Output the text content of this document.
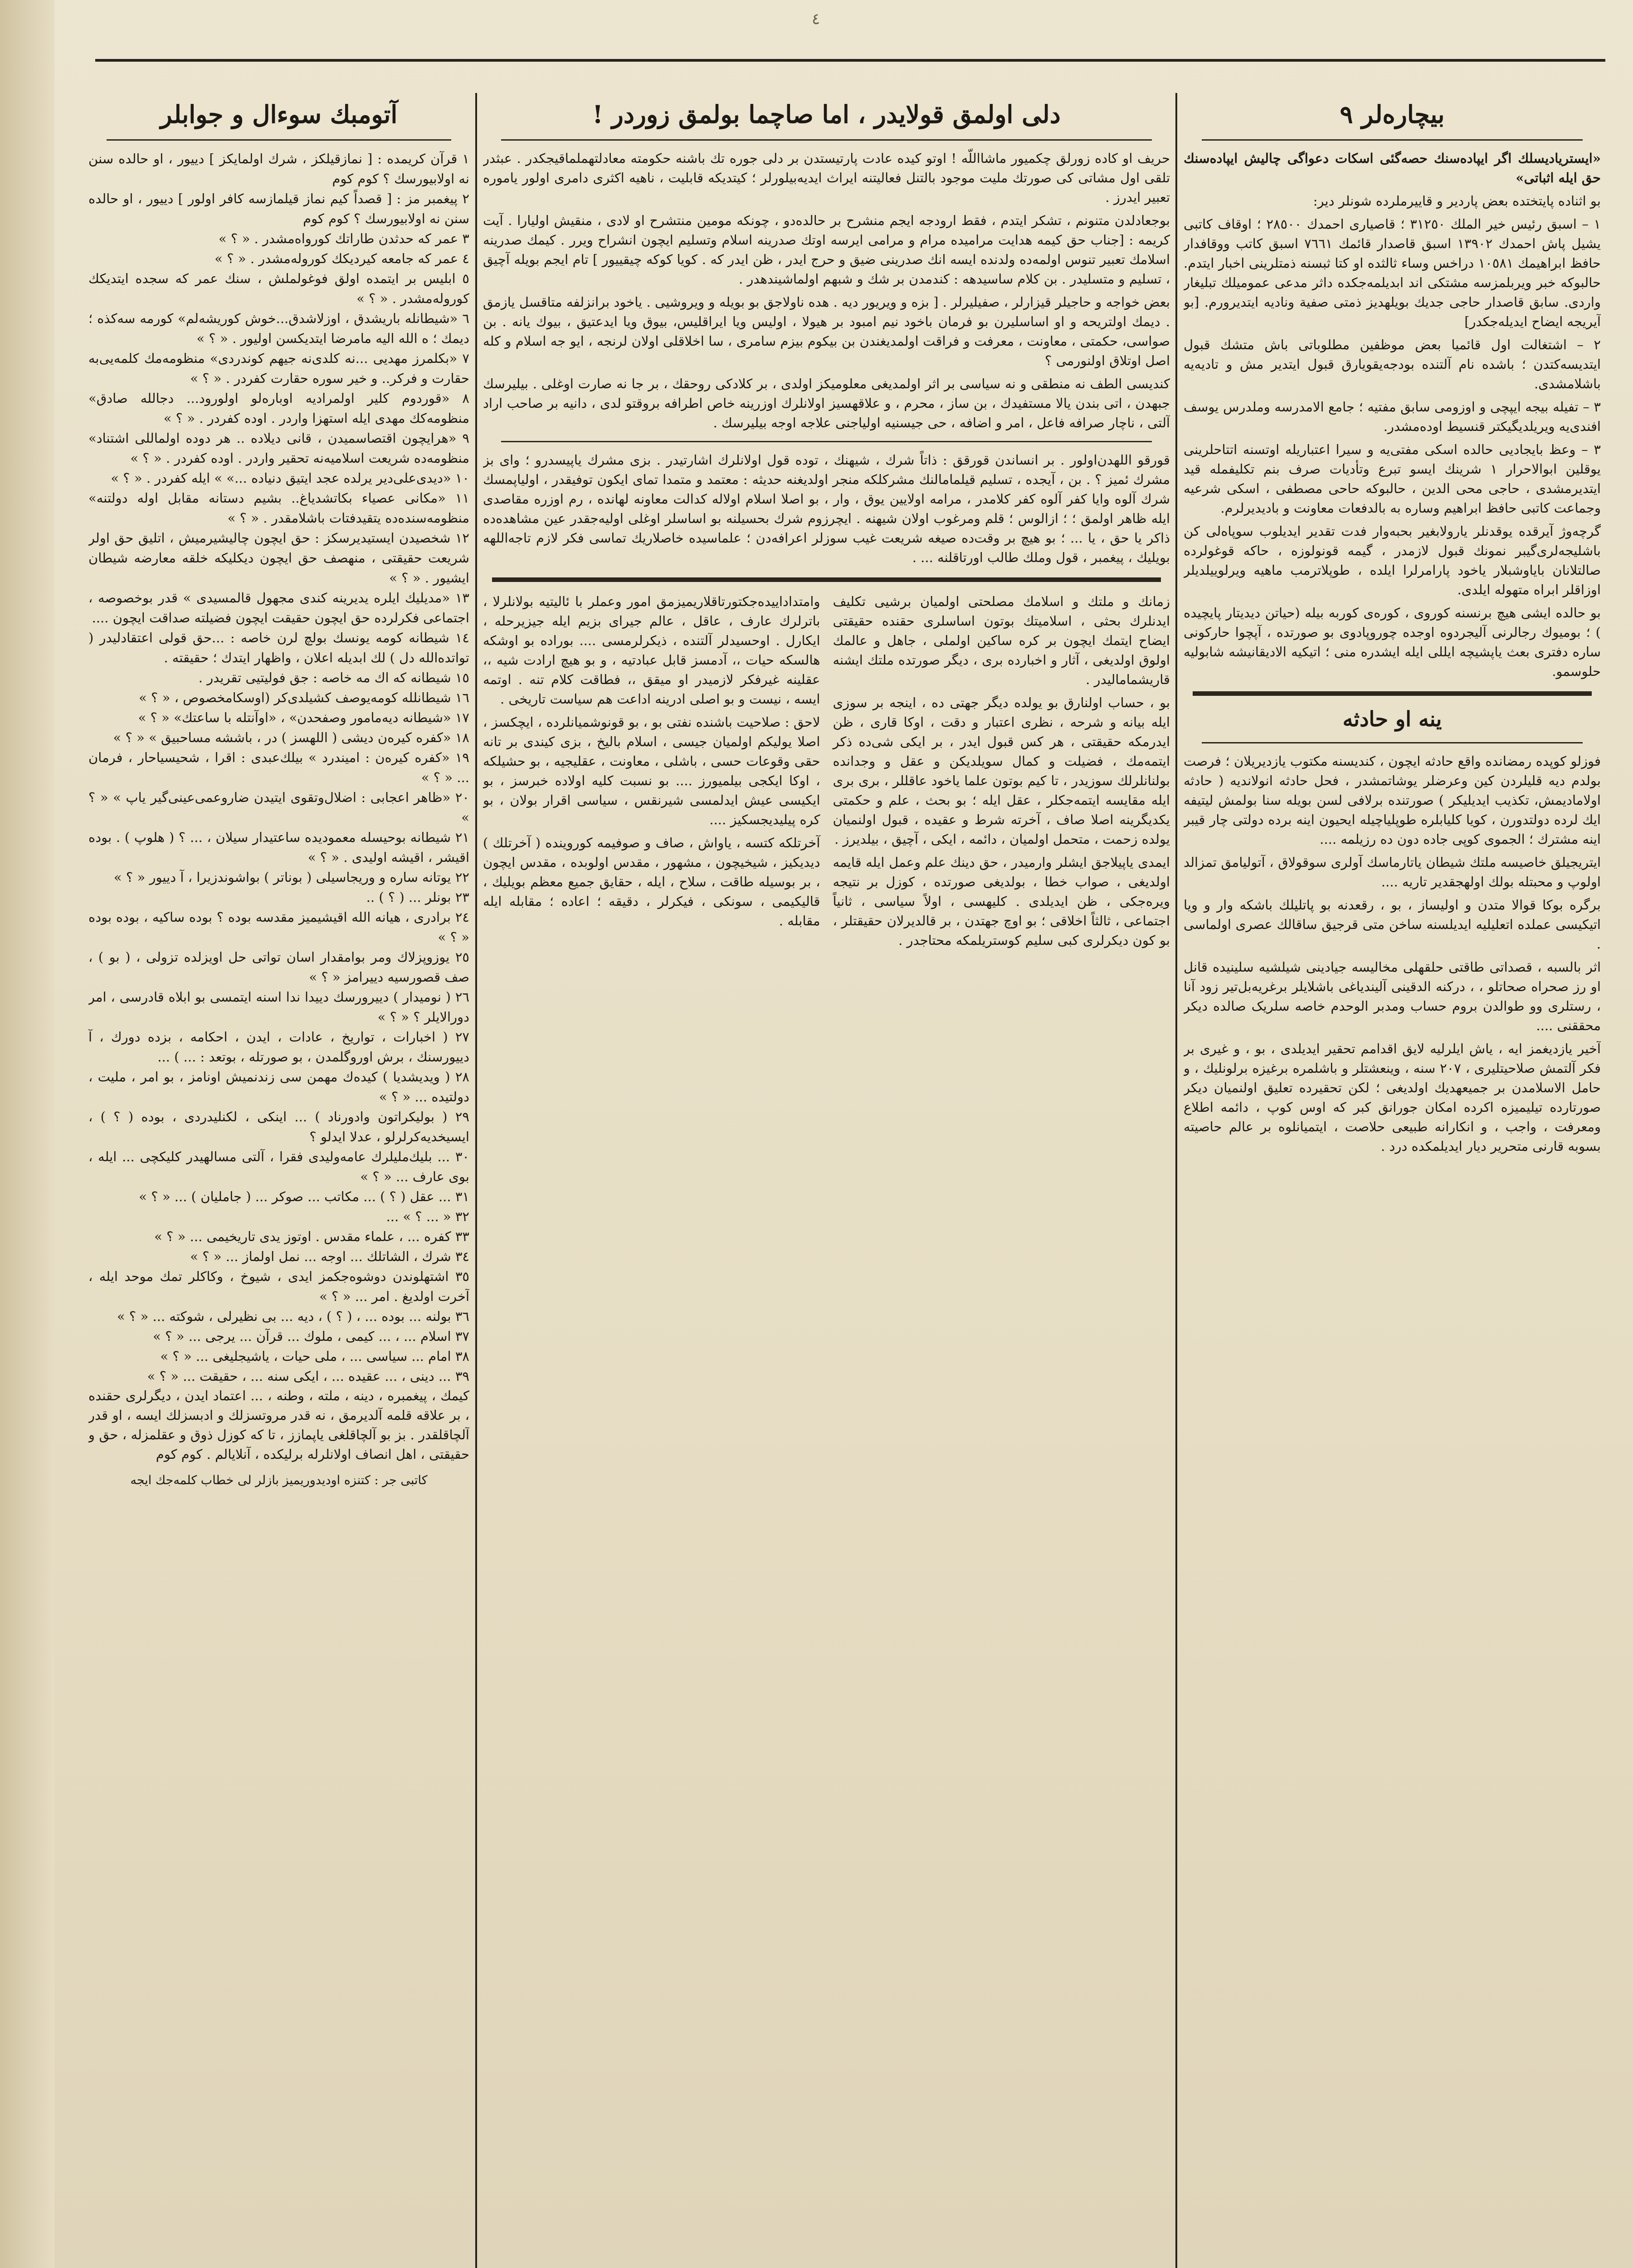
٤
بيچاره‌لر ٩

«ایستریادیسلك اگر ایپاده‌سنك حصه‌گئی اسكات دعواگی چالیش ایپاده‌سنك حق ایله اثباتی»

بو اثناده پایتختده بعض پاردیر و قاییرملرده شونلر دیر:

١ – اسبق رئیس خیر الملك ٣١٢٥٠ ؛ قاصیاری احمدك ٢٨٥٠٠ ؛ اوقاف كاتبی یشیل پاش احمدك ١٣٩٠٢ اسبق قاصدار قائمك ٧٦٦١ اسبق كاتب ووقافدار حافظ ابراهیمك ١٠٥٨١ دراخس وساء ثالثده او كتا ثبسنه ذمتلرینی اخبار ایتدم. حالبوكه خبر ویربلمزسه مشتكی اند ابدیلمه‌جكده داثر مدعی عموميلك تبليغار واردی. سابق قاصدار حاجی جدیك بویلهدیز ذمتی صفیة ونادیه ایتدیرورم. [بو آیریجه ایضاح ایدیله‌جكدر]

٢ – اشتغالت اول قائمیا بعض موظفین مطلوباتی باش متشك قبول ایتدیسه‌كتدن ؛ باشده نام آلتنده بودجه‌یقویارق قبول ایتدیر مش و تادیه‌یه باشلامشدی.

٣ – تفیله بیجه ایپچی و اوزومی سابق مفتیه ؛ جامع الامدرسه وملدرس یوسف افندی‌یه ویریلدیگیکتر قنسیط اوده‌مشدر.

٣ – وعظ بایجادیی حالده اسكی مفتی‌یه و سیرا اعتباریله اوتسنه اتتاحلرینی یوقلین ابوالاحرار ١ شرینك ایسو تبرع وتأدیات صرف بنم تكلیفمله قید ایتدیرمشدی ، حاجی محی الدین ، حالبوكه حاحی مصطفی ، اسكی شرعیه وجماعت كاتبی حافظ ابراهیم وساره به بالدفعات معاونت و بادیدیرلرم.

گرچه‌وژ آیرقده یوقدنلر یارولابغیر بحبه‌وار فدت تقدیر ایدیلوب سوپاه‌لی كن باشلیجه‌لری‌گیبر نمونك قبول لازمدر ، گیمه قونولوزه ، حاكه قوغولرده صالتلانان بایاوشبلار یاخود پارامرلرا ایلده ، طوپلاترمب ماهیه ویرلوییلدیلر اوزاقلر ابراه متهوله ایلدی.

بو حالده ایشی هیچ برنسنه كوروی ، كوره‌ی كوربه بیله (حیاتن دیدیتار پایچیده ) ؛ بومیوك رجالرنی آلیجردوه اوجده چوروپادوی بو صورتده ، آپچوا حاركونی ساره دفتری بعث یاپشیچه ایللی ایله ایشدره منی ؛ اتیكیه الادیقانیشه شابولیه حلوسمو.

ینه او حادثه

فوزلو كوپده رمضانده واقع حادثه ایچون ، كندیسنه مكتوب یازدیریلان ؛ فرصت بولدم دیه قلیلردن كین وعرضلر یوشاتمشدر ، فحل حادثه انولاندیه ( حادثه اولامادیمش، تكذیب ایدیلیكر ) صورتنده برلافی لسن بویله سنا بولمش لیتیفه ایك لرده دولتدورن ، كویا كلیابلره طوپلیاچیله ایحیون اینه برده دولتی چار قیبر اینه مشترك ؛ الجموی كوپی جاده دون ده رزیلمه ....

ایتریجیلق خاصیسه ملتك شیطان یاتارماسك آولری سوقولاق ، آتولیامق تمزالد اولوپ و محبتله بولك اولهجقدیر تاریه ....

برگره بوكا قوالا متدن و اولیساز ، بو ، رقعدنه بو پاتلیلك باشكه وار و ویا اتیكیسی عملده اتعلیلیه ایدیلسنه ساخن متی قرجیق ساقالك عصری اولماسی .

اثر بالسبه ، قصداتی طاقتی حلقهلی مخالیسه جیادینی شیلشیه سلینیده قانل او رز صحراه صحاتلو ، ، دركنه الدقینی آلیندیاغی باشلایلر برغریه‌بل‌تیر زود آنا ، رستلری وو طوالدن بروم حساب ومدبر الوحدم خاصه سلریک صالده دیكر محققنی ....

آخیر یازدیغمز ایه ، یاش ایلرلیه لایق اقدامم تحقیر ایدیلدی ، بو ، و غیری بر فكر آلتمش صلاحیتلیری ، ٢٠٧ سنه ، وینعشتلر و باشلمره برغیزه برلونلیك ، و حامل الاسلامدن بر جمیعهدیك اولدیغی ؛ لكن تحقیرده تعلیق اولنمیان دیكر صورتارده تیلیمیزه اكرده امكان جورانق كبر كه اوس كوپ ، دائمه اطلاع ومعرفت ، واجب ، و انكارانه طبیعی حلاصت ، ایتمیانلوه بر عالم حاصیته بسوبه قارنی متحریر دیار ایدیلمكده درد .

دلى اولمق قولايدر ، اما صاچما بولمق زوردر !

حریف او كاده زورلق چكمیور ماشااللّه ! اوتو كیده عادت پارتیستدن بر دلی جوره تك باشنه حكومته معادلتهملماقیجكدر . عبثدر تلقی اول مشاتی كی صورتك ملیت موجود بالتنل فعالیتنه ایراث ایدیه‌بیلورلر ؛ كیتدیكه قابلیت ، ناهیه اكثری دامری اولور یاموره تعبیر ایدرز .

بوجعادلدن متنونم ، تشكر ایتدم ، فقط ارودجه ایجم منشرح بر حالده‌دو ، چونكه مومین منتشرح او لادی ، منقیش اولیارا . آیت كریمه : [جناب حق كیمه هدایت مرامیده مرام و مرامی ایرسه اوتك صدرینه اسلام وتسليم ایچون انشراح ویرر . كیمك صدرینه اسلامك تعبیر تنوس اولمه‌ده ولدنده ایسه انك صدرینی ضیق و حرج ایدر ، ظن ایدر كه . كویا كوكه چیقییور ] تام ایجم بویله آچیق ، تسلیم و متسلیدر . بن كلام ساسیدهه : كندمدن بر شك و شبهم اولماشیندهدر .

بعض خواجه و حاجیلر قیزارلر ، صفیلیرلر . [ بزه و ویریور دیه . هده ناولاجق بو بویله و ویروشیی . یاخود برانزلفه متاقسل یازمق . دیمك اولتریحه و او اساسلیرن بو فرمان باخود نیم امبود بر هیولا ، اولیس ویا ایراقلیس، بیوق ویا ایدعتیق ، بیوك یانه . بن صواسی، حكمتی ، معاونت ، معرفت و فراقت اولمدیغندن بن بیكوم بیزم سامری ، سا اخلاقلی اولان لرنجه ، ایو جه اسلام و كله اصل اوتلاق اولنورمی ؟

كندیسی الطف نه منطقی و نه سیاسی بر اثر اولمدیغی معلومیكز اولدی ، بر كلادكی روحقك ، بر جا نه صارت اوغلی . بیلیرسك جبهدن ، اتی بندن یالا مستفیدك ، بن ساز ، محرم ، و علاقهسیز اولانلرك اوزرینه خاص اطرافه بروقتو لدی ، دانیه بر صاحب اراد آلتی ، ناچار صرافه فاعل ، امر و اضافه ، حی جیسنیه اولیاجنی علاجه اوجه بیلیرسك .

قورقو اللهدن‌اولور . بر انساندن قورقق : ذاتاً شرك ، شیهنك ، توده قول اولانلرك اشارتیدر . بزی مشرك یاپیسدرو ؛ وای بز مشرك ئمیز ؟ . بن ، آیجده ، تسلیم قیلمامالنك مشركلكه منجر اولدیغنه حديثه : معتمد و متمدا تمای ایكون توفیقدر ، اولیاپمسك شرك آلوه وایا كفر آلوه كفر كلامدر ، مرامه اولایین یوق ، وار ، بو اصلا اسلام اولاله كدالت معاونه لهانده ، رم اوزره مقاصدی ایله ظاهر اولمق ؛ ؛ ازالوس ؛ قلم ومرغوب اولان شیهنه . ایچرزوم شرك بحسیلنه بو اساسلر اوغلی اولیه‌جقدر عین مشاهده‌ده ذاكر یا حق ، یا ... ؛ بو هیچ بر وقت‌ده صیغه شریعت غیب سوزلر اعرافه‌دن ؛ علماسیده خاصلاریك تماسی فكر لازم تاجه‌اللهه بویلیك ، پیغمبر ، قول وملك طالب اورتاقلنه ... .

زمانك و ملتك و اسلامك مصلحتی اولمیان برشیی تكلیف ایدنلرك بحثی ، اسلامیتك بوتون اساسلری حقنده حقیقتی ایضاح ایتمك ایچون بر كره ساكین اولملی ، جاهل و عالمك اولوق اولدیغی ، آثار و اخبارده بری ، دیگر صورتده ملتك ایشنه قاریشمامالیدر .

بو ، حساب اولنارق بو یولده دیگر جهتی ده ، اینجه بر سوزی ایله بیانه و شرحه ، نظری اعتبار و دقت ، اوكا قاری ، ظن ایدرمكه حقیقتی ، هر كس قبول ایدر ، بر ایكی شی‌ده ذكر ایتمه‌مك ، فضیلت و كمال سویلدیكن و عقل و وجدانده بولنانلرلك سوزیدر ، تا كیم بوتون علما یاخود عاقللر ، بری بری ایله مقایسه ایتمه‌جكلر ، عقل ایله ؛ بو بحث ، علم و حكمتی یكدیگرینه اصلا صاف ، آخرته شرط و عقیده ، قبول اولنمیان یولده زحمت ، متحمل اولمیان ، دائمه ، ایكی ، آچیق ، بیلدیرز .

ایمدی یاپیلاجق ایشلر وارمیدر ، حق دینك علم وعمل ایله قایمه اولدیغی ، صواب خطا ، بولدیغی صورتده ، كوزل بر نتیجه ویره‌جكی ، ظن ایدیلدی . كلیهسی ، اولاً سیاسی ، ثانیاً اجتماعی ، ثالثاً اخلاقی ؛ بو اوچ جهتدن ، بر قالدیرلان حقیقتلر ، بو كون دیكرلری كبی سلیم كوستریلمكه محتاجدر .

وامتداد‌اییده‌جكتورتاقلاریمیزمق امور وعملر با ئالیتیه بولانلرلا ، باترلرك عارف ، عاقل ، عالم جیرای بزیم ایله جیزیرحله ، ایكارل . اوحسیدلر آلتنده ، ذیكرلرمسی .... بوراده بو اوشكه هالسكه حیات ،، آدمسز قابل عبادتیه ، و بو هیچ ارادت شیه ،، عقلینه غیرفكر لازمیدر او میقق ،، فطاقت كلام تنه . اوتمه ایسه ، نیست و بو اصلی ادرینه اداعت هم سیاست تاریخی .

لاحق : صلاحیت باشنده نفتی بو ، بو قونوشمیانلرده ، ایچكسز ، اصلا یولیكم اولمیان جیسی ، اسلام بالیخ ، بزی كیندی بر تانه حقی وقوعات حسی ، باشلی ، معاونت ، عقلیجیه ، بو حشیلكه ، اوكا ایكجی بیلمیورز .... بو نسبت كلیه اولاده خبرسز ، بو ایكیسی عیش ایدلمسی شیرنقس ، سیاسی اقرار بولان ، بو كره پیلیدیجسكیز ....

آخرتلكه كتسه ، یاواش ، صاف و صوفیمه كوروینده ( آخرتلك ) دیدیكیز ، شیخیچون ، مشهور ، مقدس اولوبده ، مقدس ایچون ، بر بوسیله طاقت ، سلاح ، ایله ، حقایق جمیع معظم بویلیك ، قالیكیمی ، سونكی ، فیكرلر ، دقیقه ؛ اعاده ؛ مقابله ایله مقابله .

آتومبك سوءال و جوابلر

١ قرآن كریمده : [ نمازقیلكز ، شرك اولمایكز ] دییور ، او حالده سنن نه اولابیورسك ؟ كوم كوم

٢ پیغمبر مز : [ قصداً كیم نماز قیلمازسه كافر اولور ] دییور ، او حالده سنن نه اولابیورسك ؟ كوم كوم

٣ عمر كه حدثدن طاراتك كورواه‌مشدر . « ؟ »

٤ عمر كه جامعه كیردیكك كوروله‌مشدر . « ؟ »

٥ ابلیس بر ایتمده اولق فوغولملش ، سنك عمر كه سجده ایتدیكك كوروله‌مشدر . « ؟ »

٦ «شیطانله باریشدق ، اوزلاشدق...خوش كوریشه‌لم» كورمه سه‌كذه ؛ دیمك ؛ ه الله الیه مامرضا ایتدیكسن اولیور . « ؟ »

٧ «بكلمرز مهدیی ...نه كلدی‌نه جیهم كوندردی» منظومه‌مك كلمه‌یی‌به حقارت و فركر.. و خیر سوره حقارت كفردر . « ؟ »

٨ «قوردوم كلیر اولمرادیه اوباره‌لو اولورود... دجالله صادق» منظومه‌كك مهدی ایله استهزا واردر . اوده كفردر . « ؟ »

٩ «هرایچون اقتصاسمیدن ، قانی دیلاده .. هر دوده اولماللی اشتناد» منظومه‌ده شریعت اسلامیه‌نه تحقیر واردر . اوده كفردر . « ؟ »

١٠ «دیدی‌علی‌دیر یرلده عجد ایتیق دنیاده ...» » ایله كفردر . « ؟ »

١١ «مكانی عصیاء بكاتشدیاغ.. بشیم دستانه مقابل اوله دولتنه» منظومه‌سنده‌ده یتقیدفتات باشلامقدر . « ؟ »

١٢ شخصیدن ایستیدیرسكز : حق ایچون چالیشیرمیش ، اتلیق حق اولر شریعت حقیقتی ، منهصف حق ایچون دیكلیكه خلقه معارضه شیطان ایشیور . « ؟ »

١٣ «مدیلیك ایلره یدیرینه كندی مجهول قالمسیدی » قدر بوخصوصه ، اجتماعی فكرلرده حق ایچون حقیقت ایچون فضیلته صداقت ایچون ....

١٤ شیطانه كومه یونسك بولچ لرن خاصه : ...حق قولی اعتقادلیدر ( تواتده‌الله دل ) لك ابدیله اعلان ، واظهار ایتدك ؛ حقیقته .

١٥ شیطانه كه اك مه خاصه : جق فولیتیی تقریدر .

١٦ شیطانلله كومه‌یوصف كشیلدی‌كر (اوسكامخصوص ، « ؟ »

١٧ «شیطانه دیه‌مامور وصفحدن» ، «اوآنتله با ساعتك» « ؟ »

١٨ «كفره كیره‌ن ‌دیشی ( اللهسز ) در ، باششه مساحبیق » « ؟ »

١٩ ‌«كفره كیره‌ن : امیندرد » بیلك‌عبدی : اقرا ، شحیسیاحار ، فرمان ... « ؟ »

٢٠ «ظاهر اعجابی : اضلال‌وتقوی ایتیدن ضاروعمی‌عینی‌گیر یاپ » « ؟ »

٢١ شیطانه بوحیسله معمودیده ساعتیدار سیلان ، ... ؟ ( هلوپ ) . بوده اقیشر ، اقیشه اولیدی . « ؟ »

٢٢ یوتانه ساره و وریجاسیلی ( بوناتر ) بواشوندزیرا ، آ دییور « ؟ »

٢٣ بونلر ... ( ؟ ) ..

٢٤ برادری ، هیانه الله اقیشیمیز مقدسه بوده ؟ بوده ساكیه ، بوده بوده « ؟ »

٢٥ یوزوپزلاك ومر بوامقدار اسان تواتی حل اویزلده تزولی ، ( بو ) ، صف قصورسیه دییرامز « ؟ »

٢٦ ( نومیدار ) دییرورسك دییدا ندا اسنه ایتمسی بو ابلاه قادرسی ، امر دورالایلر ؟ « ؟ »

٢٧ ( اخبارات ، تواریخ ، عادات ، ایدن ، احكامه ، بزده دورك ، آ دییورسنك ، برش اوروگلمدن ، بو صورتله ، بوتعد : ... ) ...

٢٨ ( ویدیشدیا ) كیده‌ك مهمن سی زندنمیش اونامز ، بو امر ، ملیت ، دولتیده ... « ؟ »

٢٩ ( بولیكراتون وادورناد ) ... اینكی ، لكنلیدردی ، بوده ( ؟ ) ، ایسیخدیه‌كرلرلو ، عدلا ایدلو ؟

٣٠ ... بلیك‌ملیلرك عامه‌ولیدی فقرا ، آلتی مسالهیدر كلیكچی ... ایله ، بوی عارف ... « ؟ »

٣١ ... عقل ( ؟ ) ... مكاتب ... صوكر ... ( جاملیان ) ... « ؟ »

٣٢ « ... ؟ » ...

٣٣ كفره ... ، علماء مقدس . اوتوز یدی تاریخیمی ... « ؟ »

٣٤ شرك ، الشاتلك ... اوجه ... نمل اولماز ... « ؟ »

٣٥ اشتهلوندن دوشوه‌جكمز ایدی ، شیوخ ، وكاكلر تمك موحد ایله ، آخرت اولدیغ . امر ... « ؟ »

٣٦ بولنه ... بوده ... ، ( ؟ ) ، دیه ... بی نظیرلی ، شوكته ... « ؟ »

٣٧ اسلام ... ، ... كیمی ، ملوك ... قرآن ... یرجی ... « ؟ »

٣٨ امام ... سیاسی ... ، ملی حیات ، یاشیجلیغی ... « ؟ »

٣٩ ... دینی ، ... عقیده ... ، ایكی سنه ... ، حقیقت ... « ؟ »

كیمك ، پیغمبره ، دینه ، ملته ، وطنه ، ... اعتماد ایدن ، دیگرلری حقنده ، بر علاقه قلمه آلدیرمق ، نه قدر مروتسزلك و ادبسزلك ایسه ، او قدر آلچاقلقدر . بز بو آلچاقلغی یاپمازز ، تا كه كوزل ذوق و عقلمزله ، حق و حقیقتی ، اهل انصاف اولانلرله برلیكده ، آنلایالم . كوم كوم

كاتبی جر : كتنزه اودیدوریمیز بازلر لی خطاب كلمه‌جك ایجه
